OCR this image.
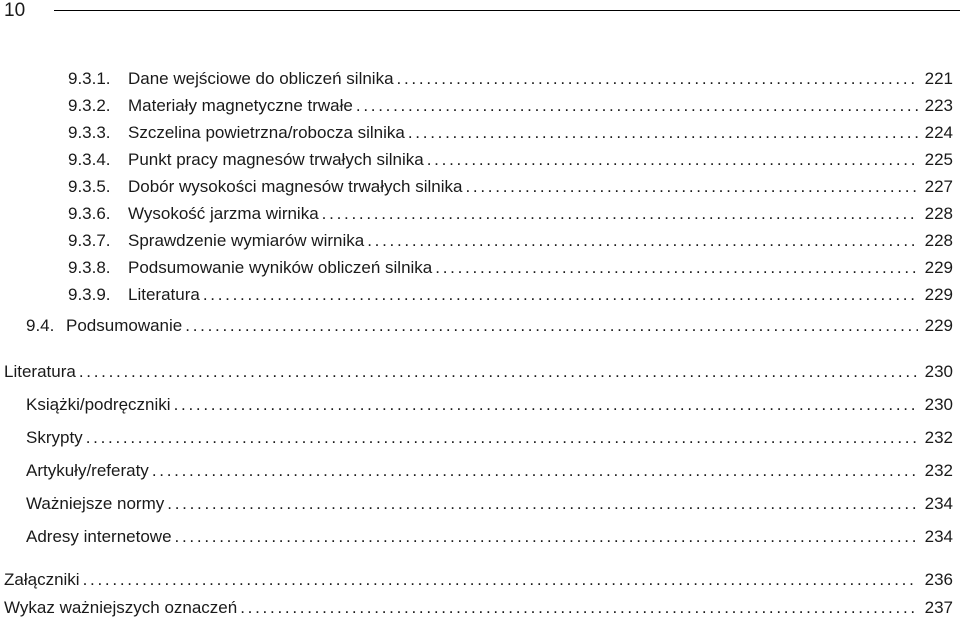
10
9.3.1.	Dane wejściowe do obliczeń silnika . . .	221
9.3.2.	Materiały magnetyczne trwałe . . .	223
9.3.3.	Szczelina powietrzna/robocza silnika . . .	224
9.3.4.	Punkt pracy magnesów trwałych silnika . . .	225
9.3.5.	Dobór wysokości magnesów trwałych silnika . . .	227
9.3.6.	Wysokość jarzma wirnika . . .	228
9.3.7.	Sprawdzenie wymiarów wirnika . . .	228
9.3.8.	Podsumowanie wyników obliczeń silnika . . .	229
9.3.9.	Literatura . . .	229
9.4. Podsumowanie . . .	229
Literatura . . .	230
Książki/podręczniki . . .	230
Skrypty . . .	232
Artykuły/referaty . . .	232
Ważniejsze normy . . .	234
Adresy internetowe . . .	234
Załączniki . . .	236
Wykaz ważniejszych oznaczeń . . .	237
